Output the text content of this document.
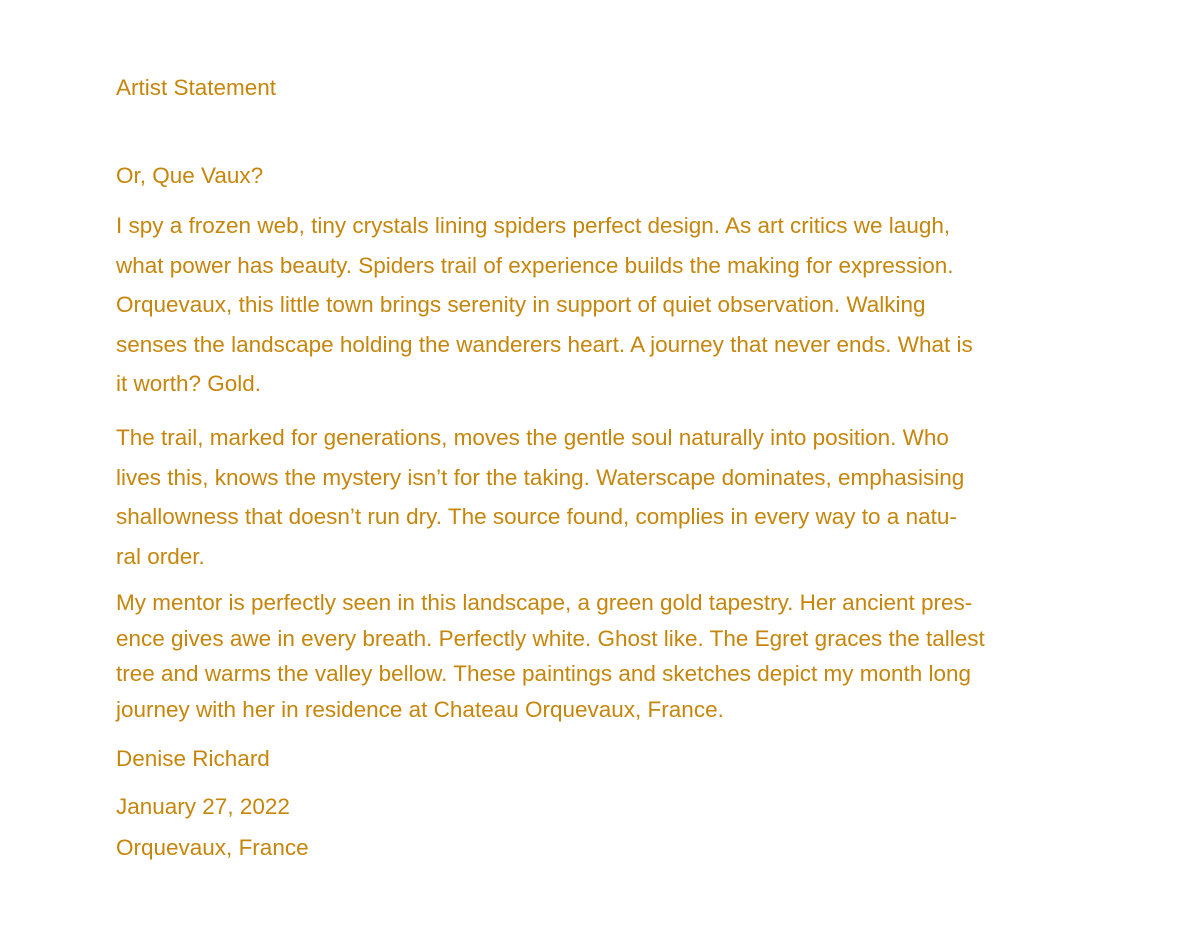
Artist Statement
Or, Que Vaux?

I spy a frozen web, tiny crystals lining spiders perfect design. As art critics we laugh,
what power has beauty. Spiders trail of experience builds the making for expression.
Orquevaux, this little town brings serenity in support of quiet observation. Walking
senses the landscape holding the wanderers heart. A journey that never ends. What is
it worth? Gold.

The trail, marked for generations, moves the gentle soul naturally into position. Who
lives this, knows the mystery isn’t for the taking. Waterscape dominates, emphasising
shallowness that doesn’t run dry. The source found, complies in every way to a natu-
ral order.

My mentor is perfectly seen in this landscape, a green gold tapestry. Her ancient pres-
ence gives awe in every breath. Perfectly white. Ghost like. The Egret graces the tallest
tree and warms the valley bellow. These paintings and sketches depict my month long
journey with her in residence at Chateau Orquevaux, France.

Denise Richard
January 27, 2022
Orquevaux, France
